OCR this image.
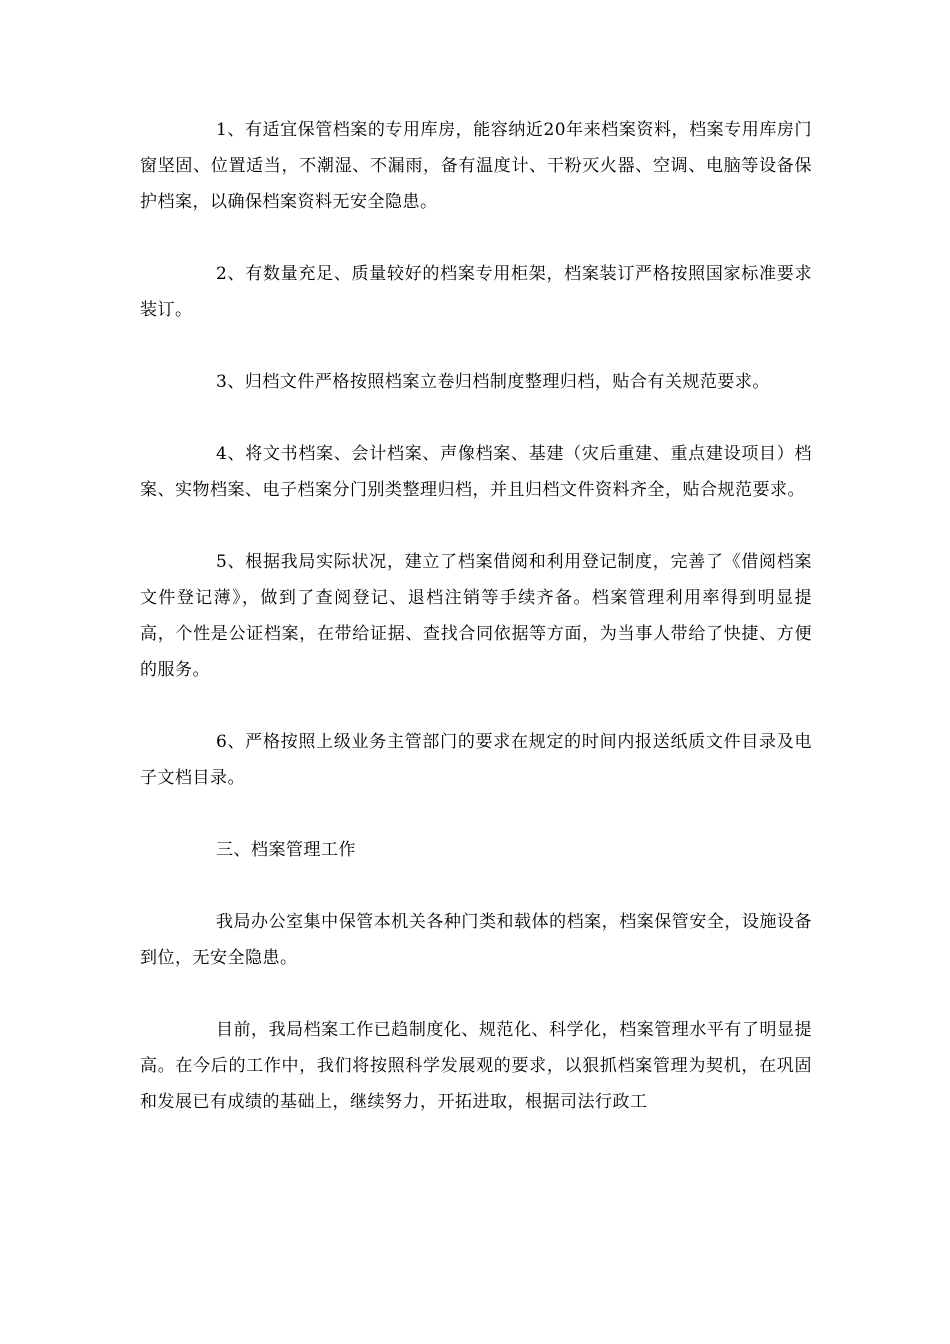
1、有适宜保管档案的专用库房，能容纳近20年来档案资料，档案专用库房门窗坚固、位置适当，不潮湿、不漏雨，备有温度计、干粉灭火器、空调、电脑等设备保护档案，以确保档案资料无安全隐患。

2、有数量充足、质量较好的档案专用柜架，档案装订严格按照国家标准要求装订。

3、归档文件严格按照档案立卷归档制度整理归档，贴合有关规范要求。

4、将文书档案、会计档案、声像档案、基建（灾后重建、重点建设项目）档案、实物档案、电子档案分门别类整理归档，并且归档文件资料齐全，贴合规范要求。

5、根据我局实际状况，建立了档案借阅和利用登记制度，完善了《借阅档案文件登记薄》，做到了查阅登记、退档注销等手续齐备。档案管理利用率得到明显提高，个性是公证档案，在带给证据、查找合同依据等方面，为当事人带给了快捷、方便的服务。

6、严格按照上级业务主管部门的要求在规定的时间内报送纸质文件目录及电子文档目录。

三、档案管理工作

我局办公室集中保管本机关各种门类和载体的档案，档案保管安全，设施设备到位，无安全隐患。

目前，我局档案工作已趋制度化、规范化、科学化，档案管理水平有了明显提高。在今后的工作中，我们将按照科学发展观的要求，以狠抓档案管理为契机，在巩固和发展已有成绩的基础上，继续努力，开拓进取，根据司法行政工
